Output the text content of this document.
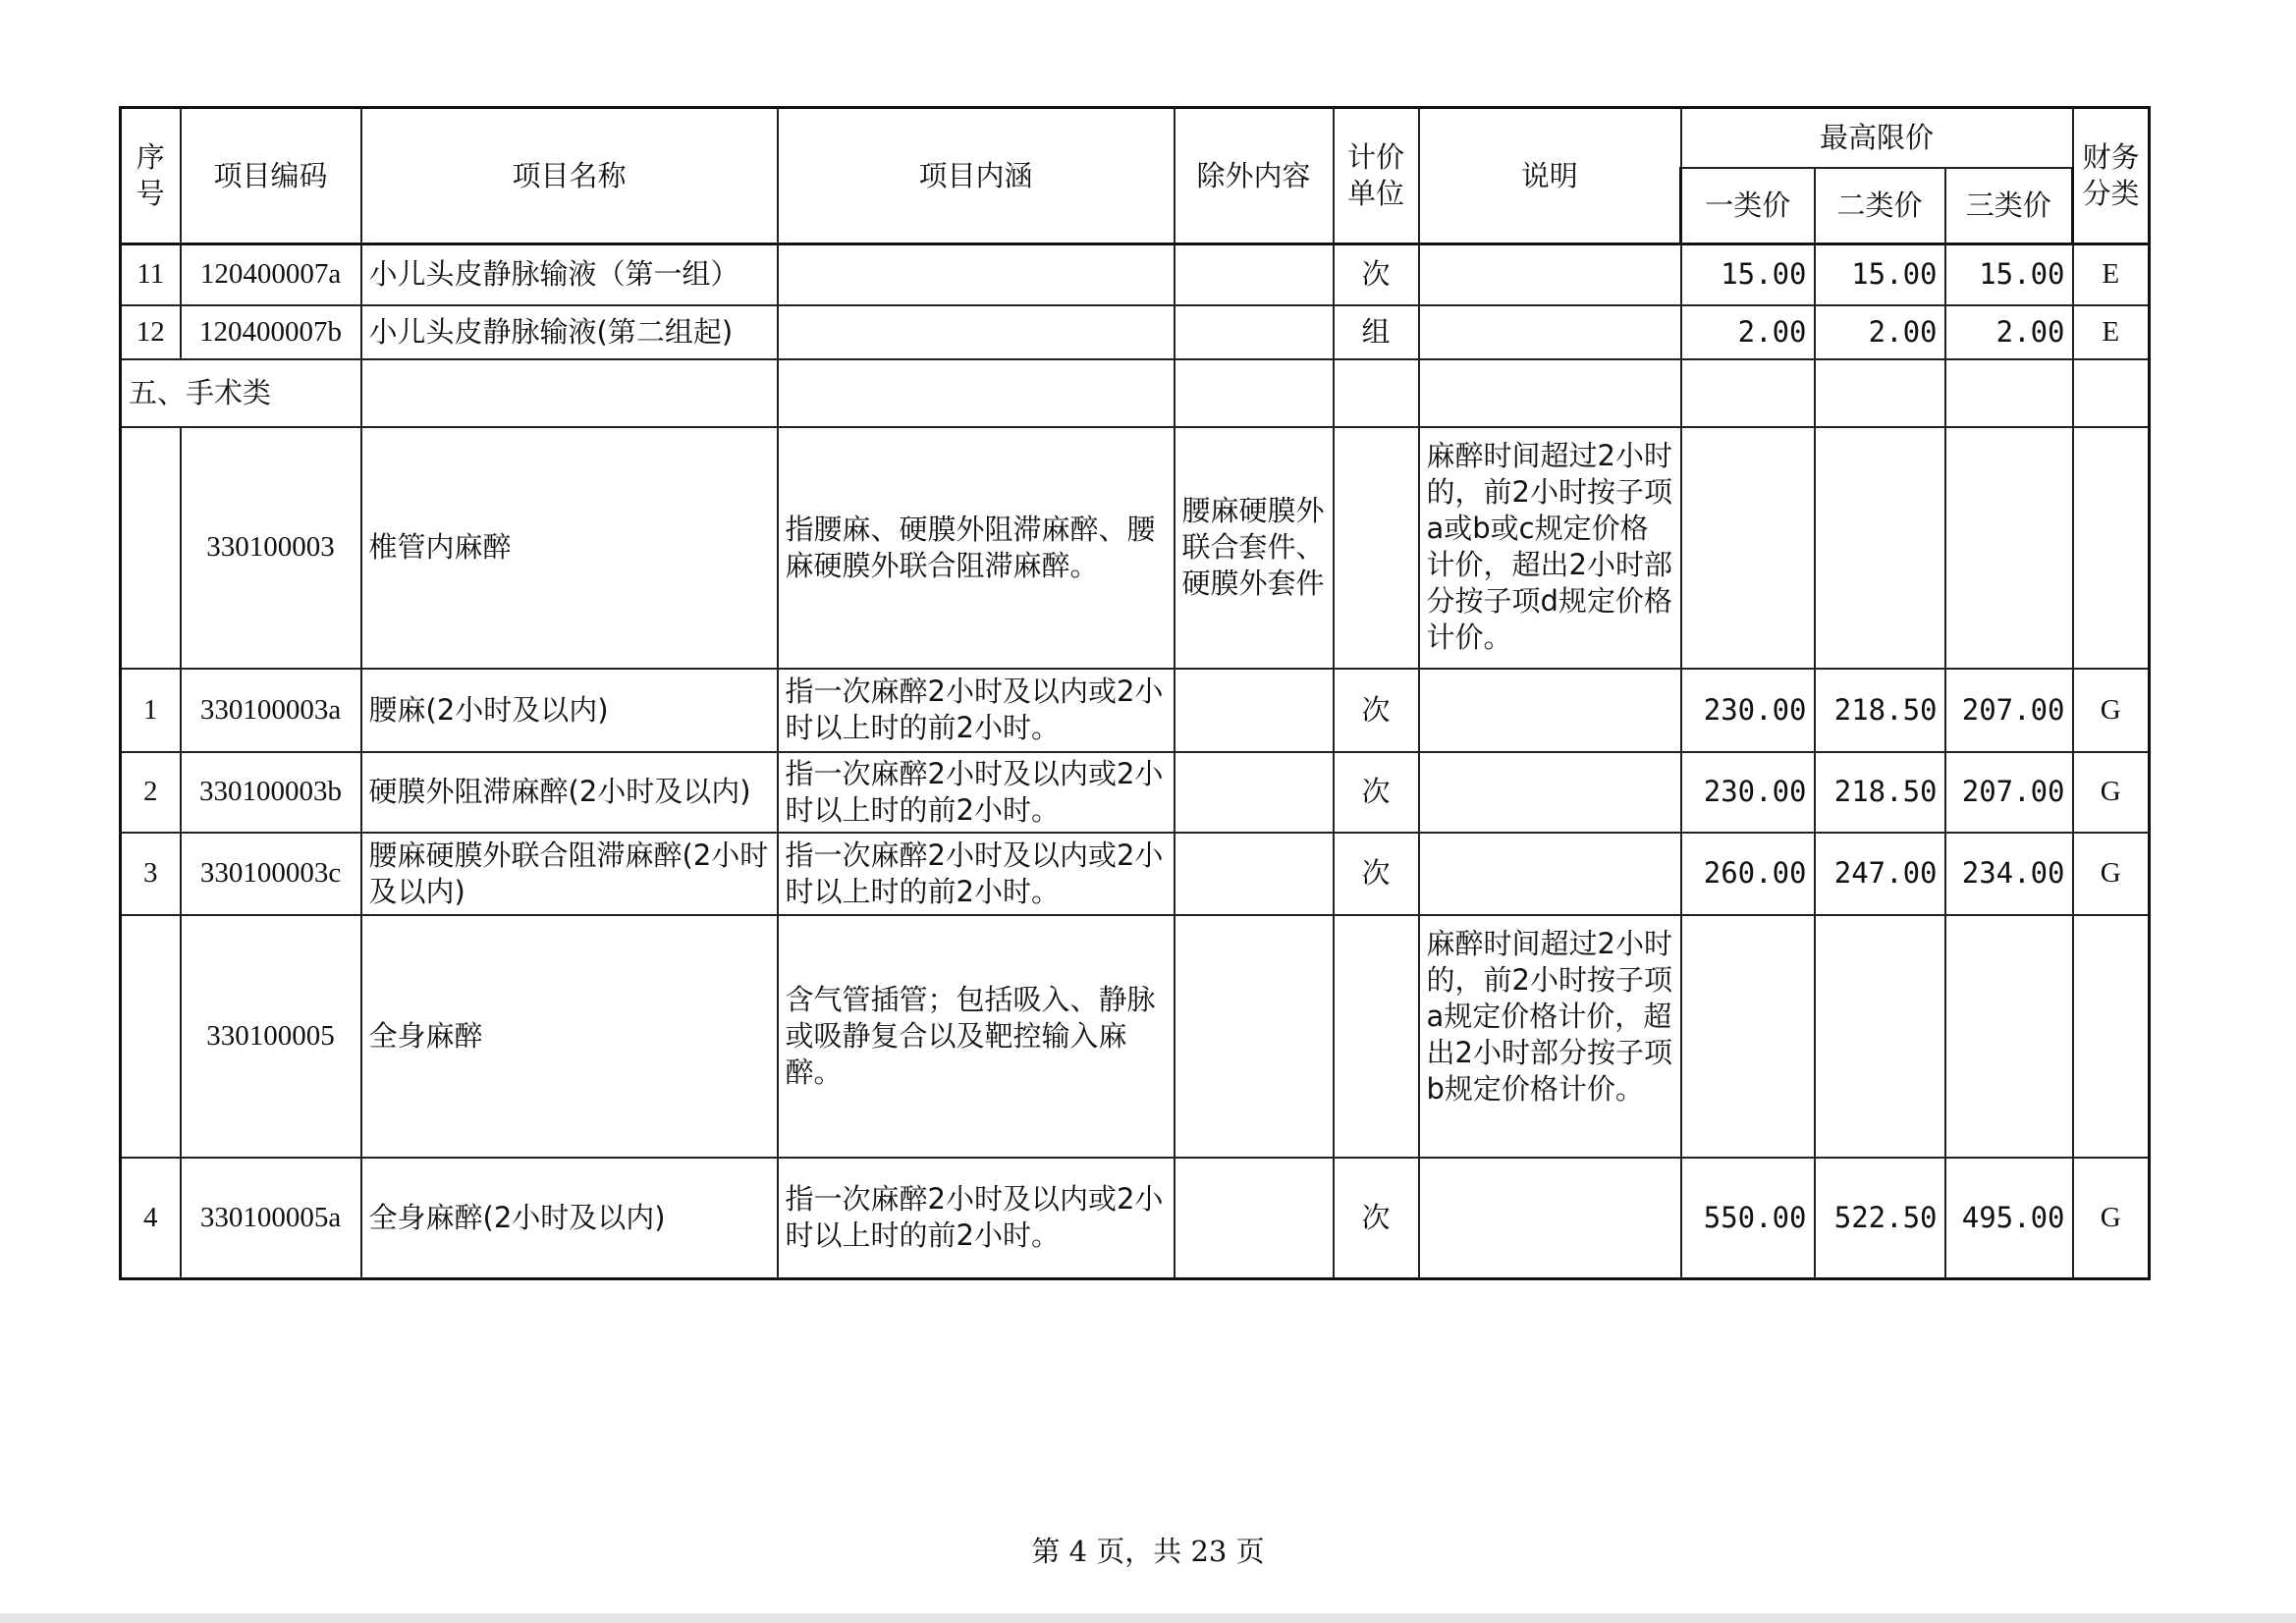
序号	项目编码	项目名称	项目内涵	除外内容	计价单位	说明	最高限价			财务分类
							一类价	二类价	三类价	
11	120400007a	小儿头皮静脉输液（第一组）			次		15.00	15.00	15.00	E
12	120400007b	小儿头皮静脉输液(第二组起)			组		2.00	2.00	2.00	E
五、手术类										
	330100003	椎管内麻醉	指腰麻、硬膜外阻滞麻醉、腰麻硬膜外联合阻滞麻醉。	腰麻硬膜外联合套件、硬膜外套件		麻醉时间超过2小时的，前2小时按子项a或b或c规定价格计价，超出2小时部分按子项d规定价格计价。				
1	330100003a	腰麻(2小时及以内)	指一次麻醉2小时及以内或2小时以上时的前2小时。		次		230.00	218.50	207.00	G
2	330100003b	硬膜外阻滞麻醉(2小时及以内)	指一次麻醉2小时及以内或2小时以上时的前2小时。		次		230.00	218.50	207.00	G
3	330100003c	腰麻硬膜外联合阻滞麻醉(2小时及以内)	指一次麻醉2小时及以内或2小时以上时的前2小时。		次		260.00	247.00	234.00	G
	330100005	全身麻醉	含气管插管；包括吸入、静脉或吸静复合以及靶控输入麻醉。			麻醉时间超过2小时的，前2小时按子项a规定价格计价，超出2小时部分按子项b规定价格计价。				
4	330100005a	全身麻醉(2小时及以内)	指一次麻醉2小时及以内或2小时以上时的前2小时。		次		550.00	522.50	495.00	G
第 4 页，共 23 页
